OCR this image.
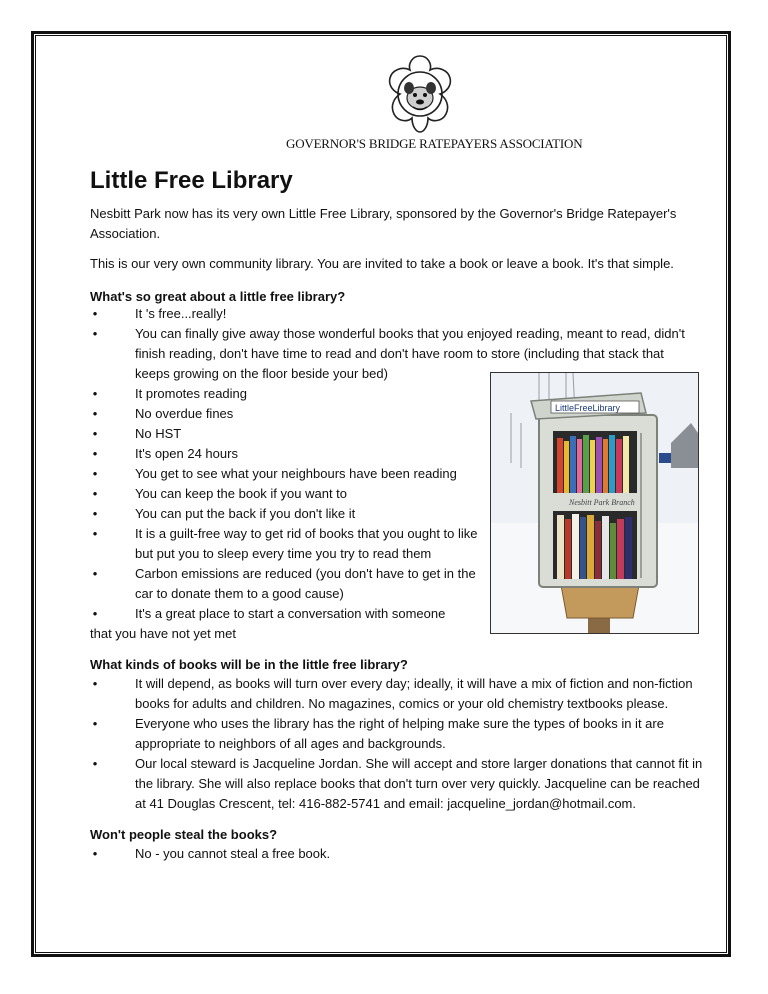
GOVERNOR'S BRIDGE RATEPAYERS ASSOCIATION
Little Free Library

Nesbitt Park now has its very own Little Free Library, sponsored by the Governor's Bridge Ratepayer's Association.

This is our very own community library. You are invited to take a book or leave a book. It's that simple.

What's so great about a little free library?
•	It 's free...really!
•	You can finally give away those wonderful books that you enjoyed reading, meant to read, didn't finish reading, don't have time to read and don't have room to store (including that stack that keeps growing on the floor beside your bed)
•	It promotes reading
•	No overdue fines
•	No HST
•	It's open 24 hours
•	You get to see what your neighbours have been reading
•	You can keep the book if you want to
•	You can put the back if you don't like it
•	It is a guilt-free way to get rid of books that you ought to like but put you to sleep every time you try to read them
•	Carbon emissions are reduced (you don't have to get in the car to donate them to a good cause)
•	It's a great place to start a conversation with someone that you have not yet met
LittleFreeLibrary
Nesbitt Park Branch
What kinds of books will be in the little free library?
•	It will depend, as books will turn over every day; ideally, it will have a mix of fiction and non-fiction books for adults and children. No magazines, comics or your old chemistry textbooks please.
•	Everyone who uses the library has the right of helping make sure the types of books in it are appropriate to neighbors of all ages and backgrounds.
•	Our local steward is Jacqueline Jordan. She will accept and store larger donations that cannot fit in the library. She will also replace books that don't turn over very quickly. Jacqueline can be reached at 41 Douglas Crescent, tel: 416-882-5741 and email: jacqueline_jordan@hotmail.com.
Won't people steal the books?
•	No - you cannot steal a free book.
